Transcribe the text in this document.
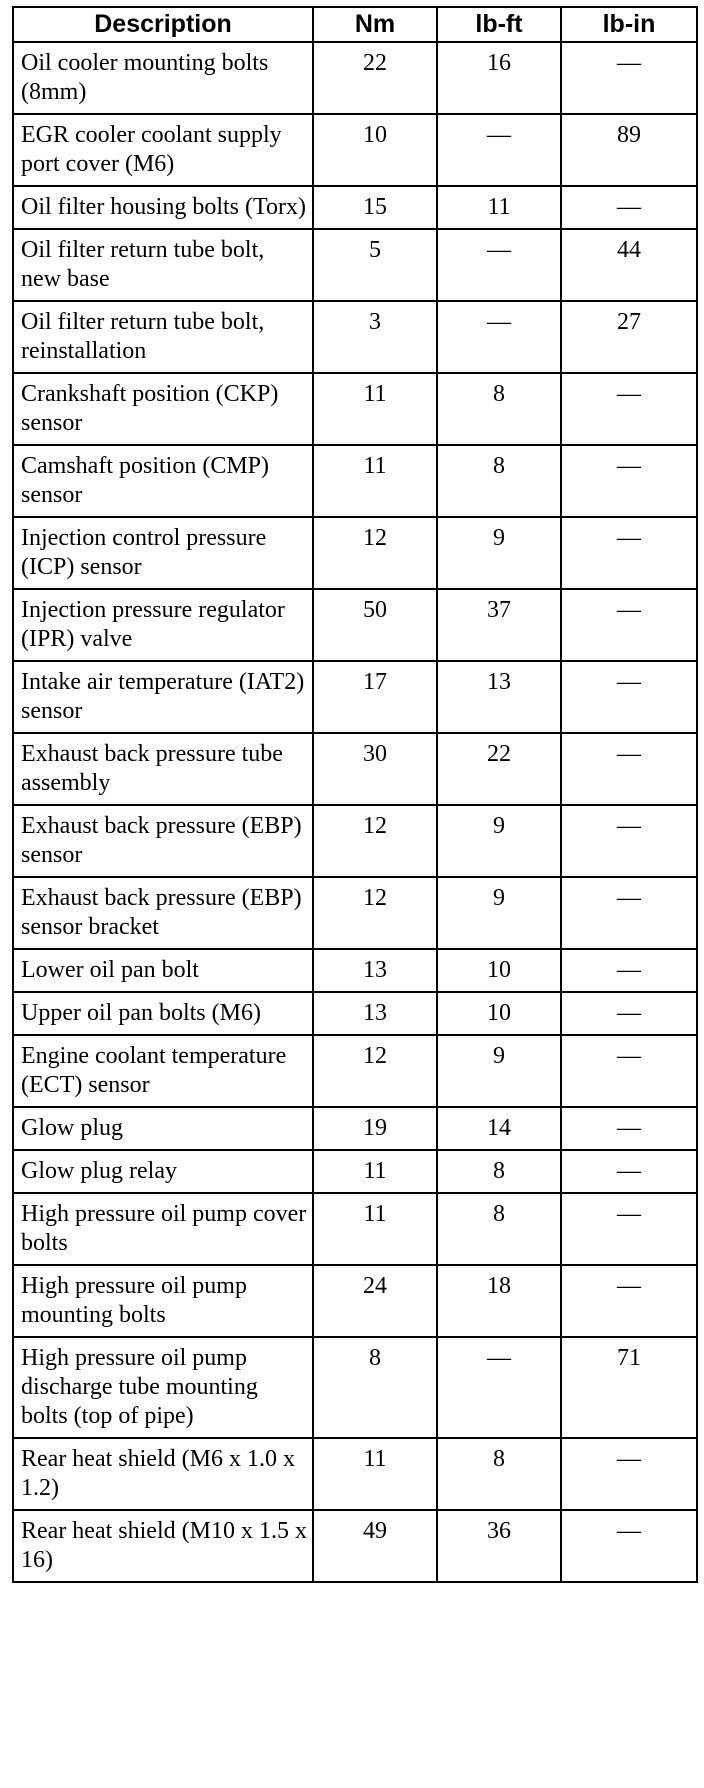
Description	Nm	lb-ft	lb-in
Oil cooler mounting bolts (8mm)	22	16	—
EGR cooler coolant supply port cover (M6)	10	—	89
Oil filter housing bolts (Torx)	15	11	—
Oil filter return tube bolt, new base	5	—	44
Oil filter return tube bolt, reinstallation	3	—	27
Crankshaft position (CKP) sensor	11	8	—
Camshaft position (CMP) sensor	11	8	—
Injection control pressure (ICP) sensor	12	9	—
Injection pressure regulator (IPR) valve	50	37	—
Intake air temperature (IAT2) sensor	17	13	—
Exhaust back pressure tube assembly	30	22	—
Exhaust back pressure (EBP) sensor	12	9	—
Exhaust back pressure (EBP) sensor bracket	12	9	—
Lower oil pan bolt	13	10	—
Upper oil pan bolts (M6)	13	10	—
Engine coolant temperature (ECT) sensor	12	9	—
Glow plug	19	14	—
Glow plug relay	11	8	—
High pressure oil pump cover bolts	11	8	—
High pressure oil pump mounting bolts	24	18	—
High pressure oil pump discharge tube mounting bolts (top of pipe)	8	—	71
Rear heat shield (M6 x 1.0 x 1.2)	11	8	—
Rear heat shield (M10 x 1.5 x 16)	49	36	—
